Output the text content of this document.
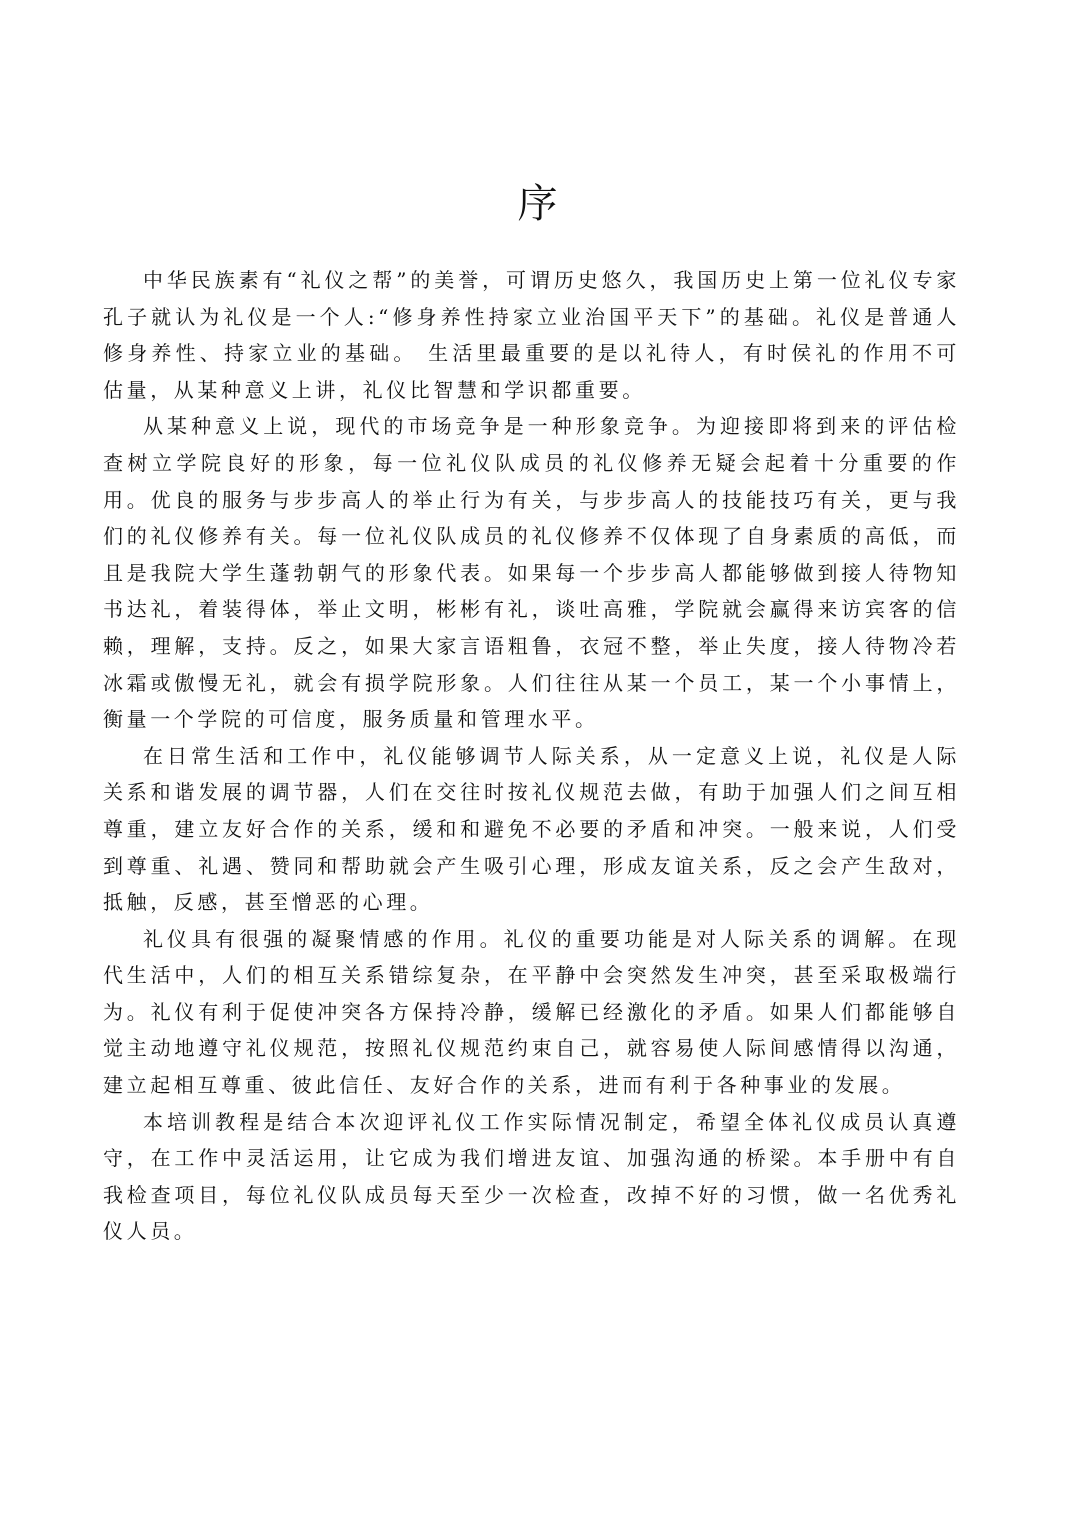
序

中华民族素有“礼仪之帮”的美誉，可谓历史悠久，我国历史上第一位礼仪专家孔子就认为礼仪是一个人:“修身养性持家立业治国平天下”的基础。礼仪是普通人修身养性、持家立业的基础。 生活里最重要的是以礼待人，有时侯礼的作用不可估量，从某种意义上讲，礼仪比智慧和学识都重要。

从某种意义上说，现代的市场竞争是一种形象竞争。为迎接即将到来的评估检查树立学院良好的形象，每一位礼仪队成员的礼仪修养无疑会起着十分重要的作用。优良的服务与步步高人的举止行为有关，与步步高人的技能技巧有关，更与我们的礼仪修养有关。每一位礼仪队成员的礼仪修养不仅体现了自身素质的高低，而且是我院大学生蓬勃朝气的形象代表。如果每一个步步高人都能够做到接人待物知书达礼，着装得体，举止文明，彬彬有礼，谈吐高雅，学院就会赢得来访宾客的信赖，理解，支持。反之，如果大家言语粗鲁，衣冠不整，举止失度，接人待物冷若冰霜或傲慢无礼，就会有损学院形象。人们往往从某一个员工，某一个小事情上，衡量一个学院的可信度，服务质量和管理水平。

在日常生活和工作中，礼仪能够调节人际关系，从一定意义上说，礼仪是人际关系和谐发展的调节器，人们在交往时按礼仪规范去做，有助于加强人们之间互相尊重，建立友好合作的关系，缓和和避免不必要的矛盾和冲突。一般来说，人们受到尊重、礼遇、赞同和帮助就会产生吸引心理，形成友谊关系，反之会产生敌对，抵触，反感，甚至憎恶的心理。

礼仪具有很强的凝聚情感的作用。礼仪的重要功能是对人际关系的调解。在现代生活中，人们的相互关系错综复杂，在平静中会突然发生冲突，甚至采取极端行为。礼仪有利于促使冲突各方保持冷静，缓解已经激化的矛盾。如果人们都能够自觉主动地遵守礼仪规范，按照礼仪规范约束自己，就容易使人际间感情得以沟通，建立起相互尊重、彼此信任、友好合作的关系，进而有利于各种事业的发展。

本培训教程是结合本次迎评礼仪工作实际情况制定，希望全体礼仪成员认真遵守，在工作中灵活运用，让它成为我们增进友谊、加强沟通的桥梁。本手册中有自我检查项目，每位礼仪队成员每天至少一次检查，改掉不好的习惯，做一名优秀礼仪人员。
